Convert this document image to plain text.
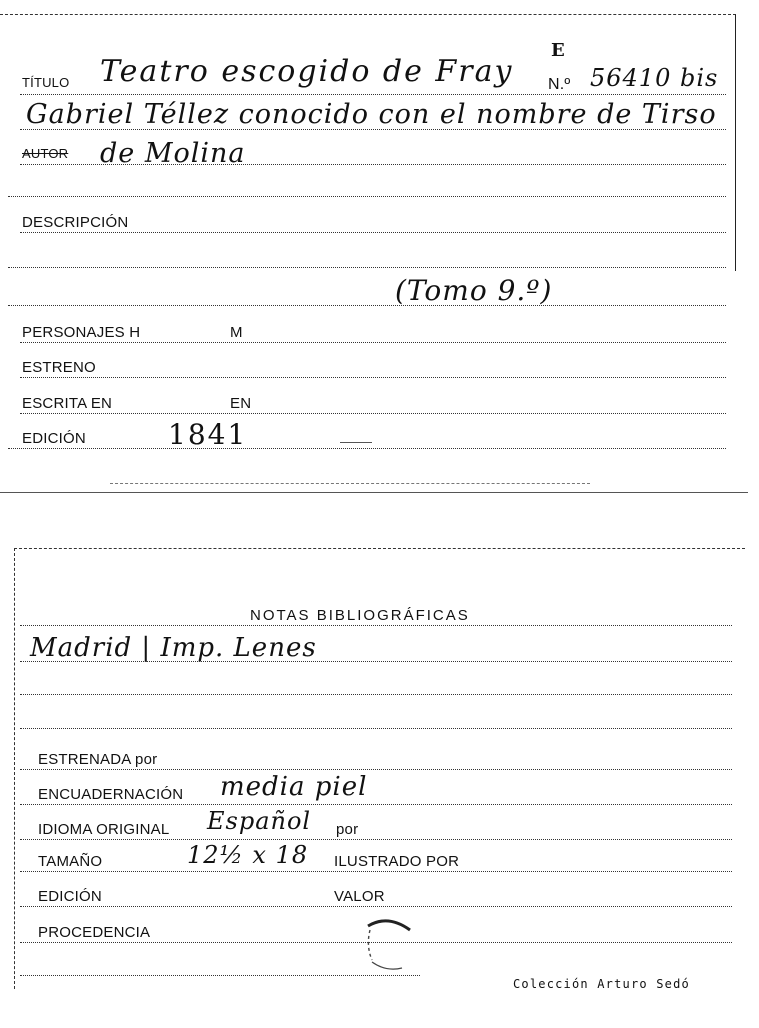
TÍTULO Teatro escogido de Fray
E
N.º 56410 bis
Gabriel Téllez conocido con el nombre de Tirso
AUTOR de Molina
DESCRIPCIÓN
(Tomo 9.º)
PERSONAJES H	M
ESTRENO
ESCRITA EN	EN
EDICIÓN	1841
NOTAS BIBLIOGRÁFICAS
Madrid | Imp. Lenes
ESTRENADA por
ENCUADERNACIÓN media piel
IDIOMA ORIGINAL Español por
TAMAÑO	12½ x 18 ILUSTRADO POR
EDICIÓN	VALOR
PROCEDENCIA
Colección Arturo Sedó
